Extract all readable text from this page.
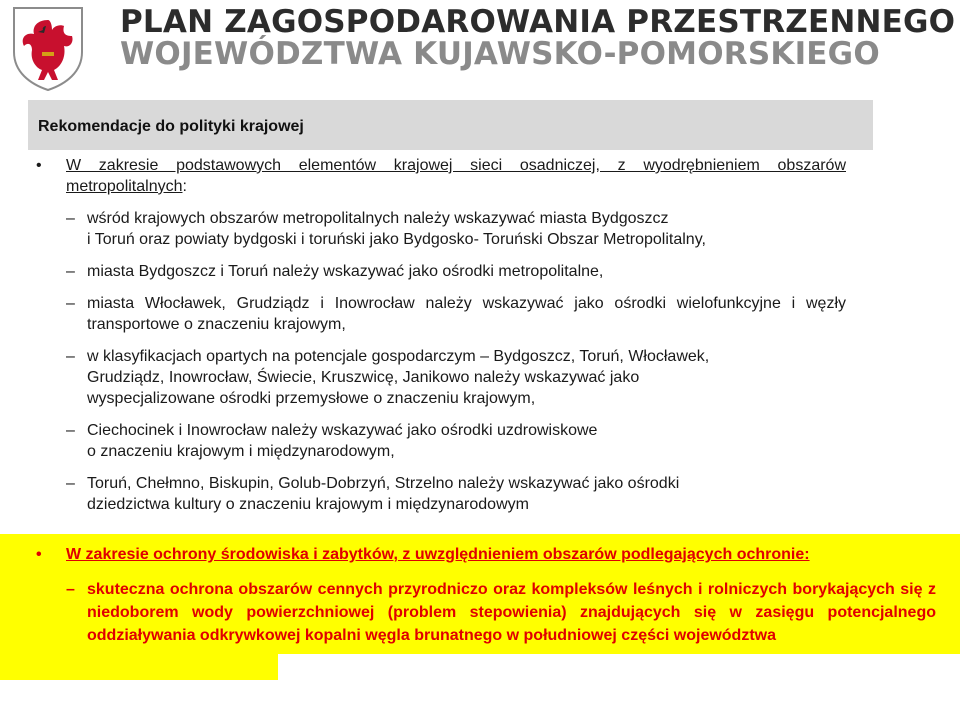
PLAN ZAGOSPODAROWANIA PRZESTRZENNEGO
WOJEWÓDZTWA KUJAWSKO-POMORSKIEGO
Rekomendacje do polityki krajowej
• W zakresie podstawowych elementów krajowej sieci osadniczej, z wyodrębnieniem obszarów metropolitalnych:
– wśród krajowych obszarów metropolitalnych należy wskazywać miasta Bydgoszcz
i Toruń oraz powiaty bydgoski i toruński jako Bydgosko- Toruński Obszar Metropolitalny,
– miasta Bydgoszcz i Toruń należy wskazywać jako ośrodki metropolitalne,
– miasta Włocławek, Grudziądz i Inowrocław należy wskazywać jako ośrodki wielofunkcyjne i węzły transportowe o znaczeniu krajowym,
– w klasyfikacjach opartych na potencjale gospodarczym – Bydgoszcz, Toruń, Włocławek,
Grudziądz, Inowrocław, Świecie, Kruszwicę, Janikowo należy wskazywać jako
wyspecjalizowane ośrodki przemysłowe o znaczeniu krajowym,
– Ciechocinek i Inowrocław należy wskazywać jako ośrodki uzdrowiskowe
o znaczeniu krajowym i międzynarodowym,
– Toruń, Chełmno, Biskupin, Golub-Dobrzyń, Strzelno należy wskazywać jako ośrodki
dziedzictwa kultury o znaczeniu krajowym i międzynarodowym
• W zakresie ochrony środowiska i zabytków, z uwzględnieniem obszarów podlegających ochronie:
– skuteczna ochrona obszarów cennych przyrodniczo oraz kompleksów leśnych i rolniczych borykających się z niedoborem wody powierzchniowej (problem stepowienia) znajdujących się w zasięgu potencjalnego oddziaływania odkrywkowej kopalni węgla brunatnego w południowej części województwa
